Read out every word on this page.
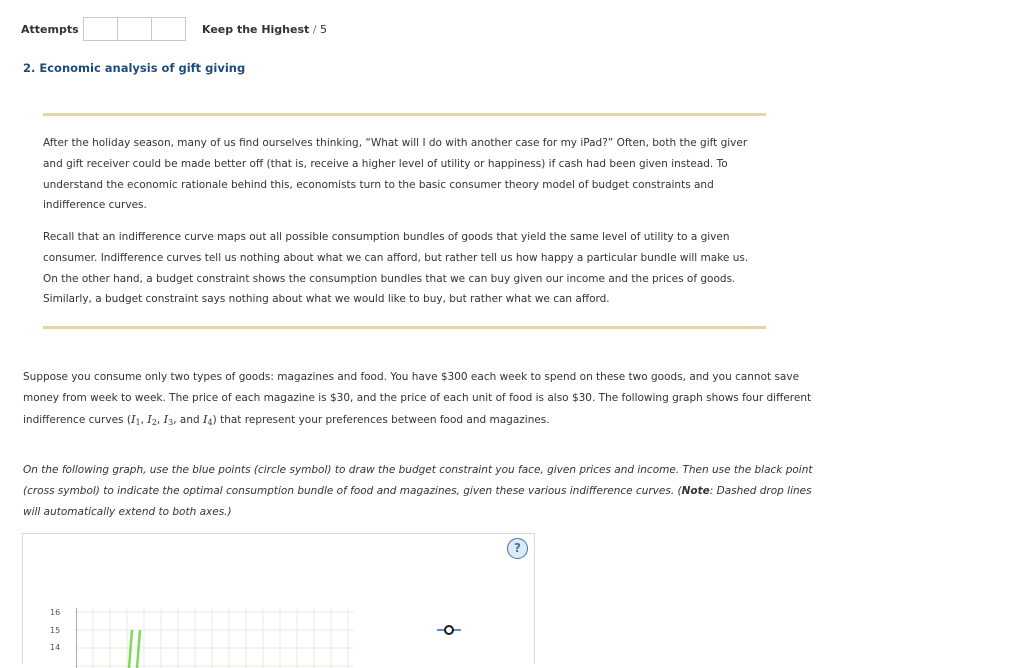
Attempts	Keep the Highest / 5
2. Economic analysis of gift giving
After the holiday season, many of us find ourselves thinking, “What will I do with another case for my iPad?” Often, both the gift giver and gift receiver could be made better off (that is, receive a higher level of utility or happiness) if cash had been given instead. To understand the economic rationale behind this, economists turn to the basic consumer theory model of budget constraints and indifference curves.
Recall that an indifference curve maps out all possible consumption bundles of goods that yield the same level of utility to a given consumer. Indifference curves tell us nothing about what we can afford, but rather tell us how happy a particular bundle will make us. On the other hand, a budget constraint shows the consumption bundles that we can buy given our income and the prices of goods. Similarly, a budget constraint says nothing about what we would like to buy, but rather what we can afford.
Suppose you consume only two types of goods: magazines and food. You have $300 each week to spend on these two goods, and you cannot save money from week to week. The price of each magazine is $30, and the price of each unit of food is also $30. The following graph shows four different indifference curves ($I_1$, $I_2$, $I_3$, and $I_4$) that represent your preferences between food and magazines.
On the following graph, use the blue points (circle symbol) to draw the budget constraint you face, given prices and income. Then use the black point (cross symbol) to indicate the optimal consumption bundle of food and magazines, given these various indifference curves. (Note: Dashed drop lines will automatically extend to both axes.)
?
16
15
14
